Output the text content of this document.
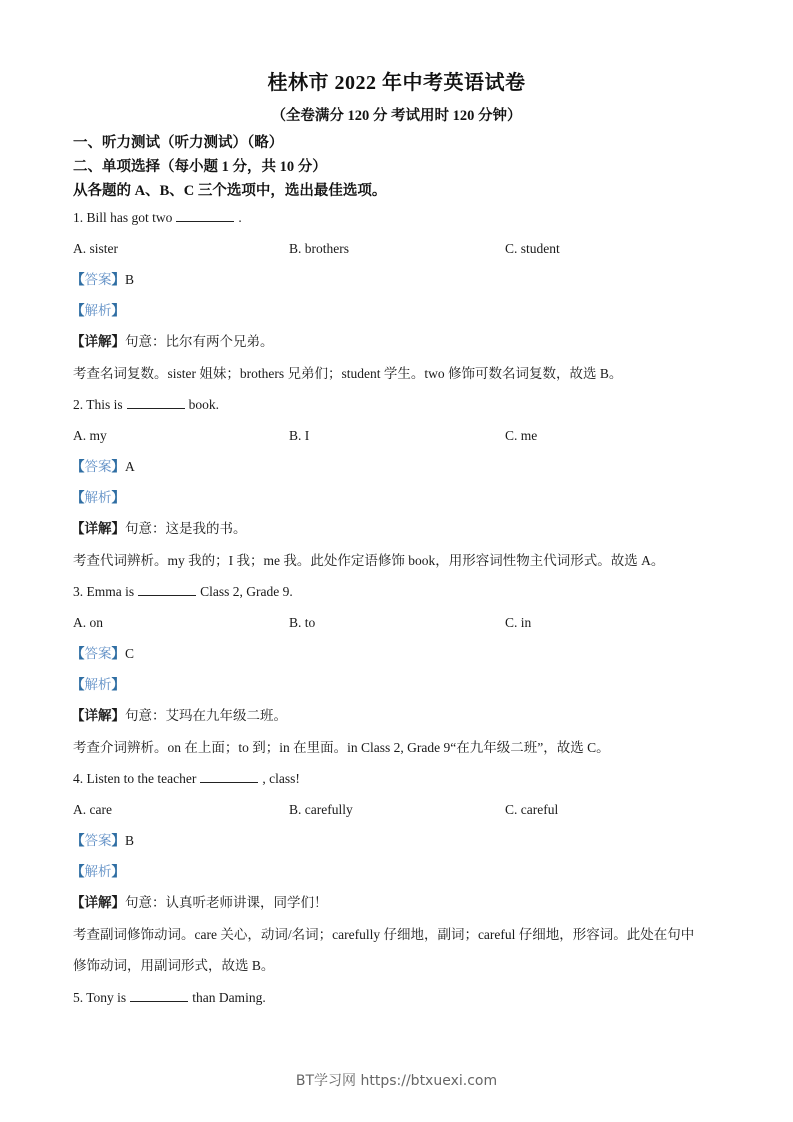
桂林市 2022 年中考英语试卷
（全卷满分 120 分 考试用时 120 分钟）
一、听力测试（听力测试）（略）
二、单项选择（每小题 1 分，共 10 分）
从各题的 A、B、C 三个选项中，选出最佳选项。
1. Bill has got two	.
A. sister	B. brothers	C. student
【答案】B
【解析】
【详解】句意：比尔有两个兄弟。
考查名词复数。sister 姐妹；brothers 兄弟们；student 学生。two 修饰可数名词复数，故选 B。
2. This is	book.
A. my	B. I	C. me
【答案】A
【解析】
【详解】句意：这是我的书。
考查代词辨析。my 我的；I 我；me 我。此处作定语修饰 book，用形容词性物主代词形式。故选 A。
3. Emma is	Class 2, Grade 9.
A. on	B. to	C. in
【答案】C
【解析】
【详解】句意：艾玛在九年级二班。
考查介词辨析。on 在上面；to 到；in 在里面。in Class 2, Grade 9“在九年级二班”，故选 C。
4. Listen to the teacher	, class!
A. care	B. carefully	C. careful
【答案】B
【解析】
【详解】句意：认真听老师讲课，同学们！
考查副词修饰动词。care 关心，动词/名词；carefully 仔细地，副词；careful 仔细地，形容词。此处在句中
修饰动词，用副词形式，故选 B。
5. Tony is	than Daming.
BT学习网 https://btxuexi.com
